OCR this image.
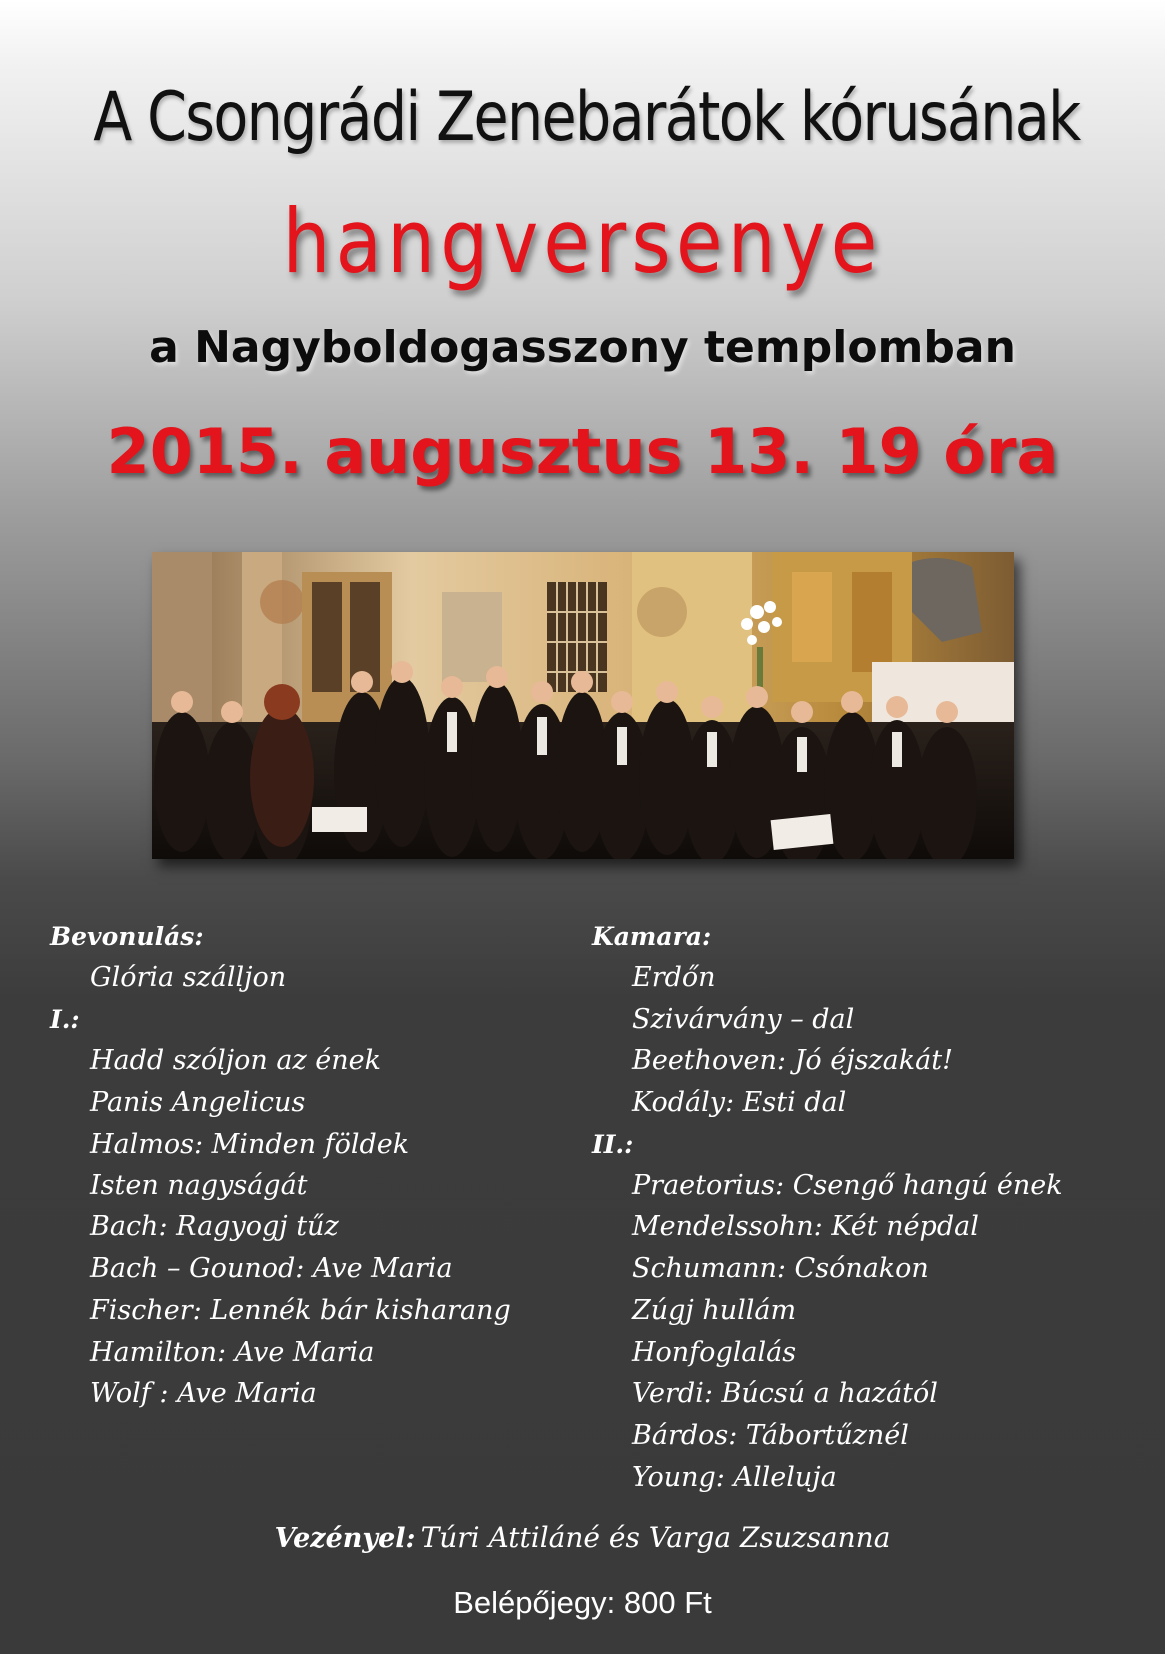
A Csongrádi Zenebarátok kórusának
hangversenye
a Nagyboldogasszony templomban
2015. augusztus 13. 19 óra
Bevonulás:
Glória szálljon
I.:
Hadd szóljon az ének
Panis Angelicus
Halmos: Minden földek
Isten nagyságát
Bach: Ragyogj tűz
Bach – Gounod: Ave Maria
Fischer: Lennék bár kisharang
Hamilton: Ave Maria
Wolf : Ave Maria
Kamara:
Erdőn
Szivárvány – dal
Beethoven: Jó éjszakát!
Kodály: Esti dal
II.:
Praetorius: Csengő hangú ének
Mendelssohn: Két népdal
Schumann: Csónakon
Zúgj hullám
Honfoglalás
Verdi: Búcsú a hazától
Bárdos: Tábortűznél
Young: Alleluja
Vezényel: Túri Attiláné és Varga Zsuzsanna
Belépőjegy: 800 Ft
